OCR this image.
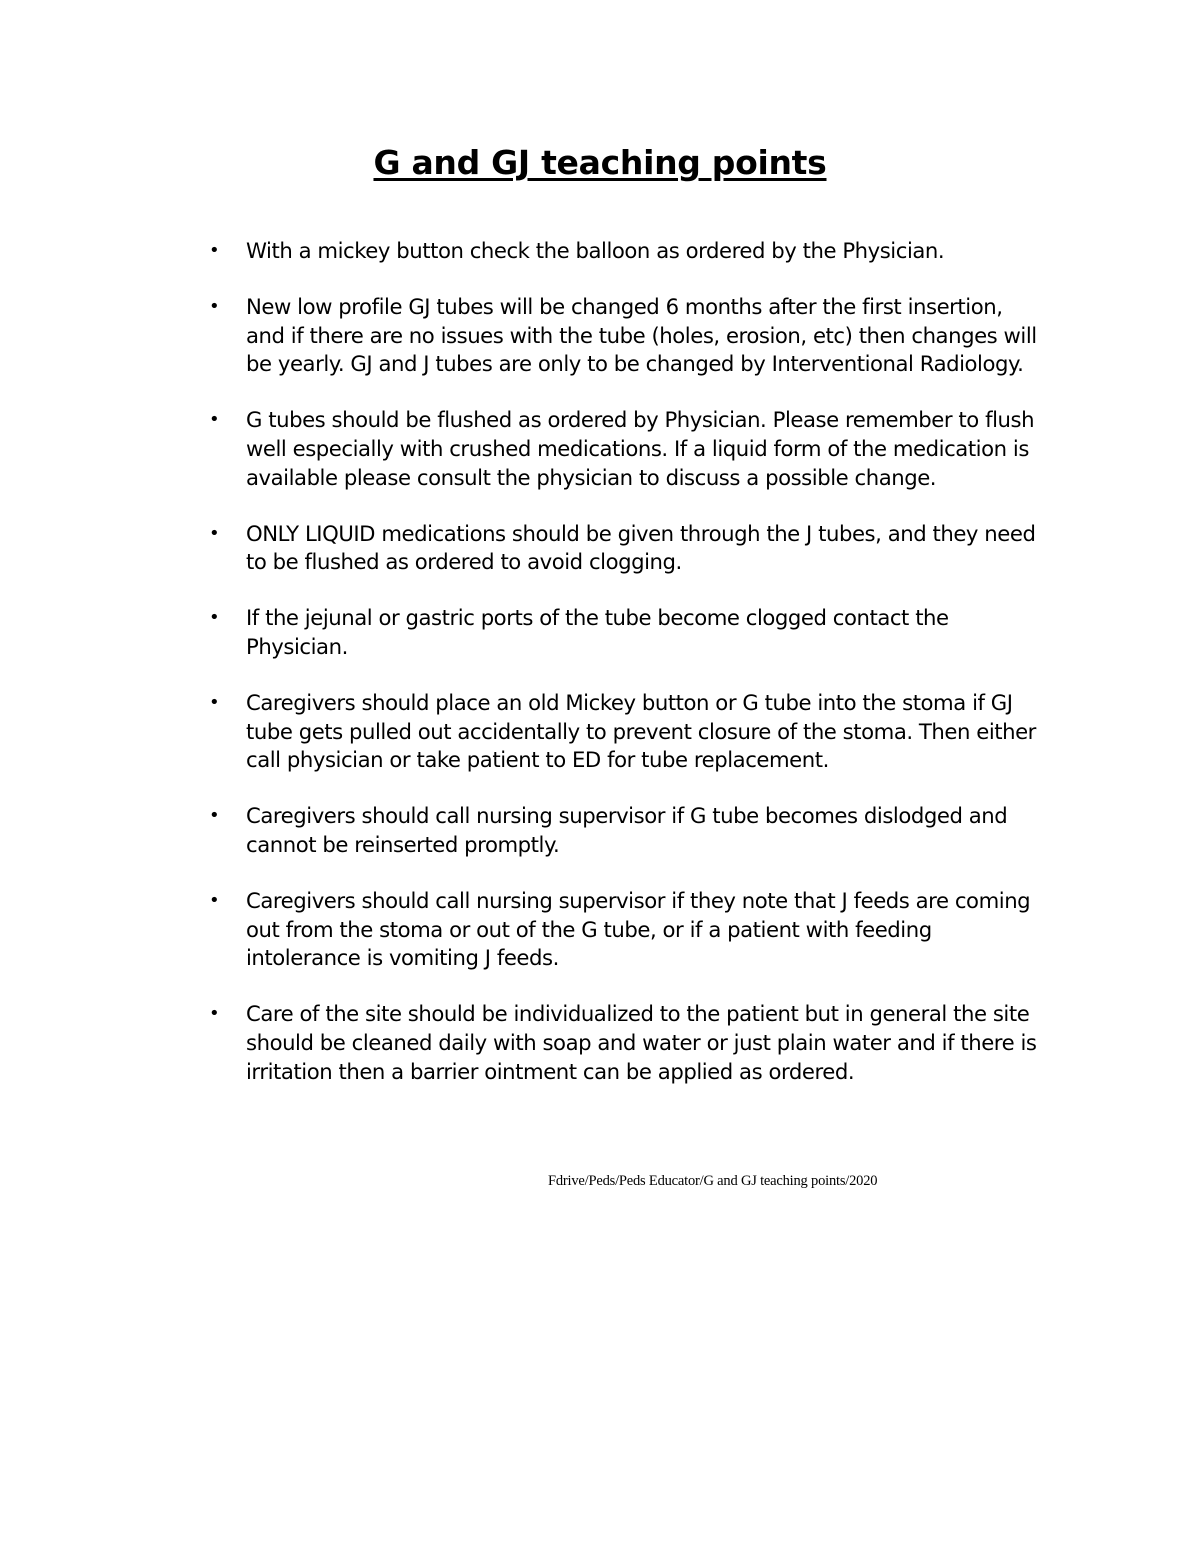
G and GJ teaching points
• With a mickey button check the balloon as ordered by the Physician.
• New low profile GJ tubes will be changed 6 months after the first insertion, and if there are no issues with the tube (holes, erosion, etc) then changes will be yearly. GJ and J tubes are only to be changed by Interventional Radiology.
• G tubes should be flushed as ordered by Physician. Please remember to flush well especially with crushed medications. If a liquid form of the medication is available please consult the physician to discuss a possible change.
• ONLY LIQUID medications should be given through the J tubes, and they need to be flushed as ordered to avoid clogging.
• If the jejunal or gastric ports of the tube become clogged contact the Physician.
• Caregivers should place an old Mickey button or G tube into the stoma if GJ tube gets pulled out accidentally to prevent closure of the stoma. Then either call physician or take patient to ED for tube replacement.
• Caregivers should call nursing supervisor if G tube becomes dislodged and cannot be reinserted promptly.
• Caregivers should call nursing supervisor if they note that J feeds are coming out from the stoma or out of the G tube, or if a patient with feeding intolerance is vomiting J feeds.
• Care of the site should be individualized to the patient but in general the site should be cleaned daily with soap and water or just plain water and if there is irritation then a barrier ointment can be applied as ordered.
Fdrive/Peds/Peds Educator/G and GJ teaching points/2020
